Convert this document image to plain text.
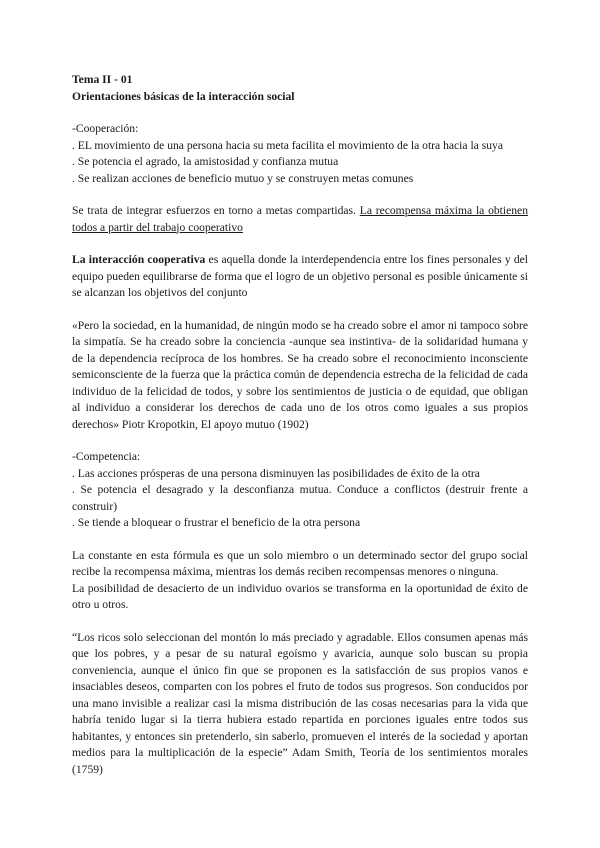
Tema II - 01
Orientaciones básicas de la interacción social
-Cooperación:
. EL movimiento de una persona hacia su meta facilita el movimiento de la otra hacia la suya
. Se potencia el agrado, la amistosidad y confianza mutua
. Se realizan acciones de beneficio mutuo y se construyen metas comunes

Se trata de integrar esfuerzos en torno a metas compartidas. La recompensa máxima la obtienen todos a partir del trabajo cooperativo

La interacción cooperativa es aquella donde la interdependencia entre los fines personales y del equipo pueden equilibrarse de forma que el logro de un objetivo personal es posible únicamente si se alcanzan los objetivos del conjunto

«Pero la sociedad, en la humanidad, de ningún modo se ha creado sobre el amor ni tampoco sobre la simpatía. Se ha creado sobre la conciencia -aunque sea instintiva- de la solidaridad humana y de la dependencia recíproca de los hombres. Se ha creado sobre el reconocimiento inconsciente semiconsciente de la fuerza que la práctica común de dependencia estrecha de la felicidad de cada individuo de la felicidad de todos, y sobre los sentimientos de justicia o de equidad, que obligan al individuo a considerar los derechos de cada uno de los otros como iguales a sus propios derechos» Piotr Kropotkin, El apoyo mutuo (1902)

-Competencia:
. Las acciones prósperas de una persona disminuyen las posibilidades de éxito de la otra
. Se potencia el desagrado y la desconfianza mutua. Conduce a conflictos (destruir frente a construir)
. Se tiende a bloquear o frustrar el beneficio de la otra persona
La constante en esta fórmula es que un solo miembro o un determinado sector del grupo social recibe la recompensa máxima, mientras los demás reciben recompensas menores o ninguna.
La posibilidad de desacierto de un individuo ovarios se transforma en la oportunidad de éxito de otro u otros.

“Los ricos solo seleccionan del montón lo más preciado y agradable. Ellos consumen apenas más que los pobres, y a pesar de su natural egoísmo y avaricia, aunque solo buscan su propia conveniencia, aunque el único fin que se proponen es la satisfacción de sus propios vanos e insaciables deseos, comparten con los pobres el fruto de todos sus progresos. Son conducidos por una mano invisible a realizar casi la misma distribución de las cosas necesarias para la vida que habría tenido lugar si la tierra hubiera estado repartida en porciones iguales entre todos sus habitantes, y entonces sin pretenderlo, sin saberlo, promueven el interés de la sociedad y aportan medios para la multiplicación de la especie” Adam Smith, Teoría de los sentimientos morales (1759)
